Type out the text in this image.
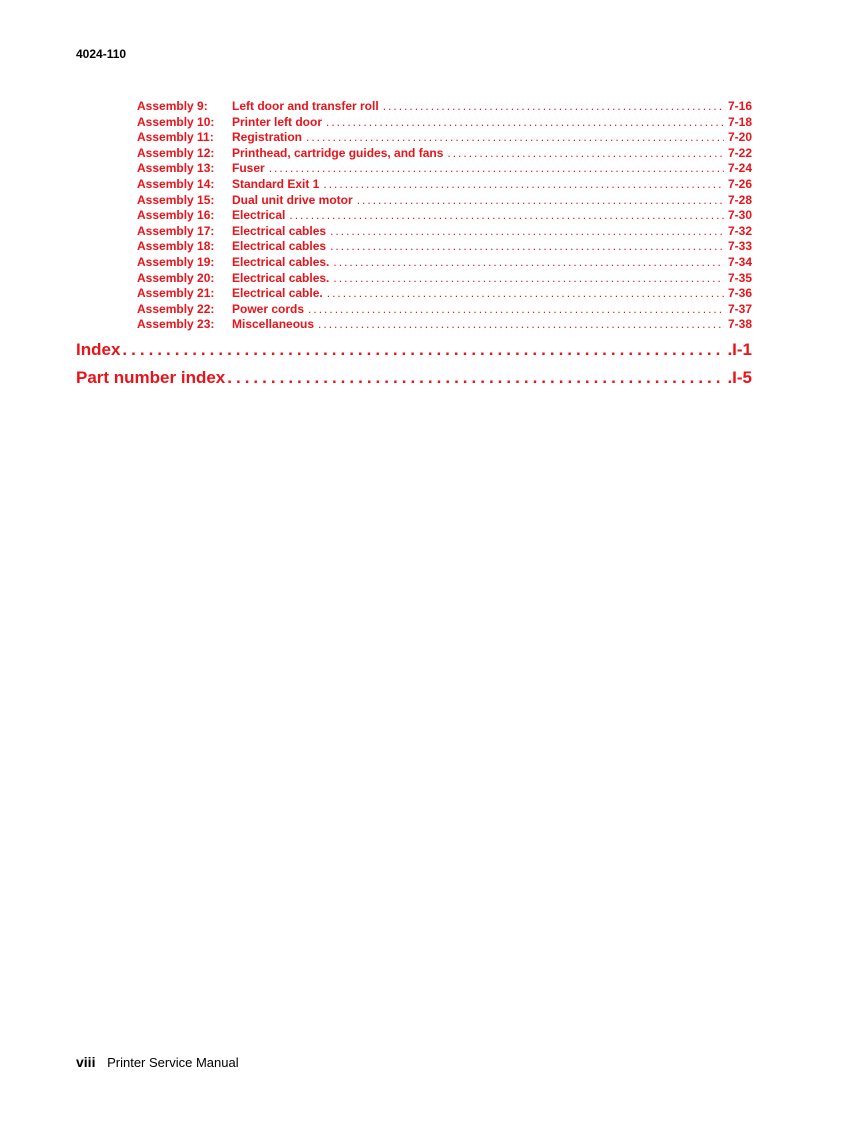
4024-110
Assembly 9:	Left door and transfer roll .....	7-16
Assembly 10:	Printer left door .....	7-18
Assembly 11:	Registration .....	7-20
Assembly 12:	Printhead, cartridge guides, and fans .....	7-22
Assembly 13:	Fuser .....	7-24
Assembly 14:	Standard Exit 1 .....	7-26
Assembly 15:	Dual unit drive motor .....	7-28
Assembly 16:	Electrical .....	7-30
Assembly 17:	Electrical cables .....	7-32
Assembly 18:	Electrical cables .....	7-33
Assembly 19:	Electrical cables. .....	7-34
Assembly 20:	Electrical cables. .....	7-35
Assembly 21:	Electrical cable. .....	7-36
Assembly 22:	Power cords .....	7-37
Assembly 23:	Miscellaneous .....	7-38
Index .....	.I-1
Part number index .....	.I-5
viii Printer Service Manual
